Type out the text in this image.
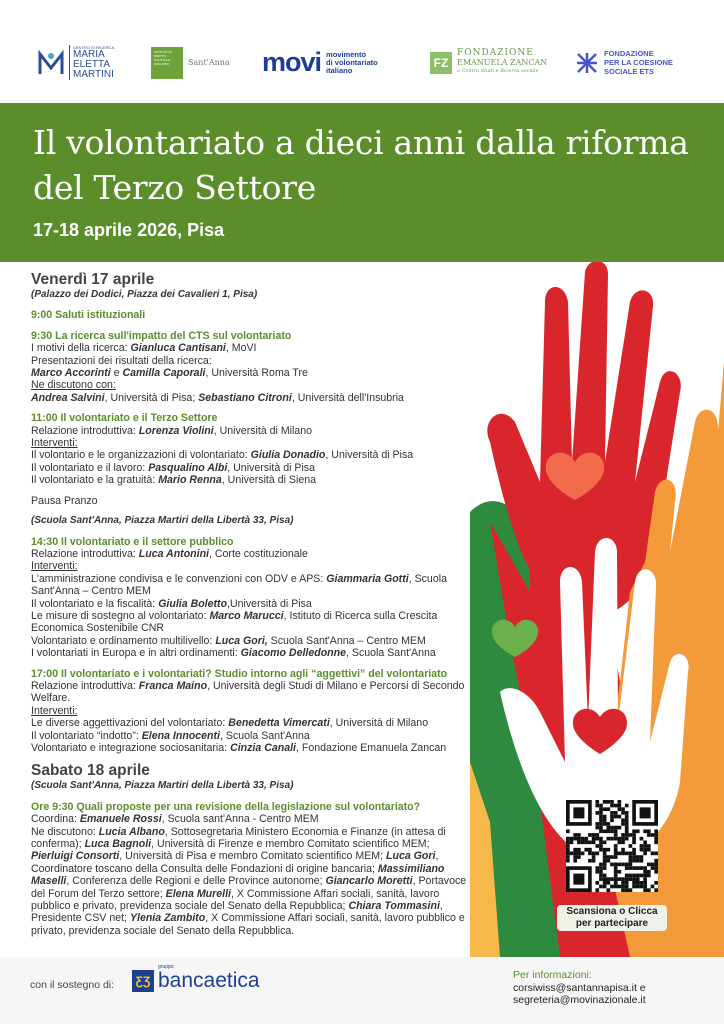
CENTRO DI RICERCA
MARIA
ELETTA
MARTINI
ISTITUTO DI DIRITTO POLITICA E SVILUPPO	Sant'Anna movi movimento
di volontariato
italiano
FZ
FONDAZIONE
EMANUELA ZANCAN
o Centro Studi e Ricerca sociale
FONDAZIONE
PER LA COESIONE
SOCIALE ETS
Il volontariato a dieci anni dalla riforma del Terzo Settore
17-18 aprile 2026, Pisa
Venerdì 17 aprile
(Palazzo dei Dodici, Piazza dei Cavalieri 1, Pisa)
9:00 Saluti istituzionali
9:30 La ricerca sull'impatto del CTS sul volontariato
I motivi della ricerca: Gianluca Cantisani, MoVI
Presentazioni dei risultati della ricerca:
Marco Accorinti e Camilla Caporali, Università Roma Tre
Ne discutono con:
Andrea Salvini, Università di Pisa; Sebastiano Citroni, Università dell'Insubria
11:00 Il volontariato e il Terzo Settore
Relazione introduttiva: Lorenza Violini, Università di Milano
Interventi:
Il volontario e le organizzazioni di volontariato: Giulia Donadio, Università di Pisa
Il volontariato e il lavoro: Pasqualino Albi, Università di Pisa
Il volontariato e la gratuità: Mario Renna, Università di Siena
Pausa Pranzo
(Scuola Sant'Anna, Piazza Martiri della Libertà 33, Pisa)
14:30 Il volontariato e il settore pubblico
Relazione introduttiva: Luca Antonini, Corte costituzionale
Interventi:
L'amministrazione condivisa e le convenzioni con ODV e APS: Giammaria Gotti, Scuola Sant'Anna – Centro MEM
Il volontariato e la fiscalità: Giulia Boletto,Università di Pisa
Le misure di sostegno al volontariato: Marco Marucci, Istituto di Ricerca sulla Crescita Economica Sostenibile CNR
Volontariato e ordinamento multilivello: Luca Gori, Scuola Sant'Anna – Centro MEM
I volontariati in Europa e in altri ordinamenti: Giacomo Delledonne, Scuola Sant'Anna
17:00 Il volontariato e i volontariati? Studio intorno agli “aggettivi” del volontariato
Relazione introduttiva: Franca Maino, Università degli Studi di Milano e Percorsi di Secondo Welfare.
Interventi:
Le diverse aggettivazioni del volontariato: Benedetta Vimercati, Università di Milano
Il volontariato “indotto”: Elena Innocenti, Scuola Sant'Anna
Volontariato e integrazione sociosanitaria: Cinzia Canali, Fondazione Emanuela Zancan
Sabato 18 aprile
(Scuola Sant'Anna, Piazza Martiri della Libertà 33, Pisa)
Ore 9:30 Quali proposte per una revisione della legislazione sul volontariato?
Coordina: Emanuele Rossi, Scuola sant'Anna - Centro MEM
Ne discutono: Lucia Albano, Sottosegretaria Ministero Economia e Finanze (in attesa di conferma); Luca Bagnoli, Università di Firenze e membro Comitato scientifico MEM; Pierluigi Consorti, Università di Pisa e membro Comitato scientifico MEM; Luca Gori, Coordinatore toscano della Consulta delle Fondazioni di origine bancaria; Massimiliano Maselli, Conferenza delle Regioni e delle Province autonome; Giancarlo Moretti, Portavoce del Forum del Terzo settore; Elena Murelli, X Commissione Affari sociali, sanità, lavoro pubblico e privato, previdenza sociale del Senato della Repubblica; Chiara Tommasini, Presidente CSV net; Ylenia Zambito, X Commissione Affari sociali, sanità, lavoro pubblico e privato, previdenza sociale del Senato della Repubblica.
Scansiona o Clicca
per partecipare
con il sostegno di:	ƸƷ
gruppo
bancaetica	Per informazioni:
corsiwiss@santannapisa.it e
segreteria@movinazionale.it
